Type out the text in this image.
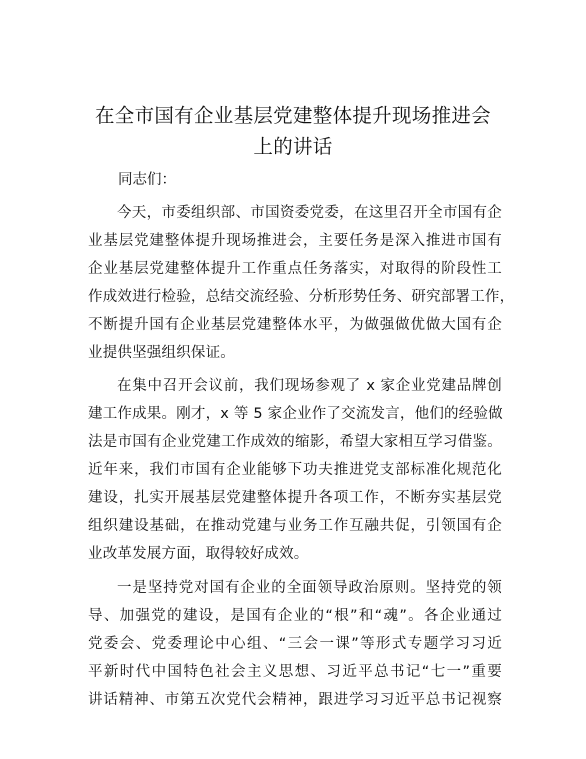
在全市国有企业基层党建整体提升现场推进会
上的讲话
同志们：
今天，市委组织部、市国资委党委，在这里召开全市国有企
业基层党建整体提升现场推进会，主要任务是深入推进市国有
企业基层党建整体提升工作重点任务落实，对取得的阶段性工
作成效进行检验，总结交流经验、分析形势任务、研究部署工作，
不断提升国有企业基层党建整体水平，为做强做优做大国有企
业提供坚强组织保证。
在集中召开会议前，我们现场参观了 x 家企业党建品牌创
建工作成果。刚才，x 等 5 家企业作了交流发言，他们的经验做
法是市国有企业党建工作成效的缩影，希望大家相互学习借鉴。
近年来，我们市国有企业能够下功夫推进党支部标准化规范化
建设，扎实开展基层党建整体提升各项工作，不断夯实基层党
组织建设基础，在推动党建与业务工作互融共促，引领国有企
业改革发展方面，取得较好成效。
一是坚持党对国有企业的全面领导政治原则。坚持党的领
导、加强党的建设，是国有企业的“根”和“魂”。各企业通过
党委会、党委理论中心组、“三会一课”等形式专题学习习近
平新时代中国特色社会主义思想、习近平总书记“七一”重要
讲话精神、市第五次党代会精神，跟进学习习近平总书记视察
